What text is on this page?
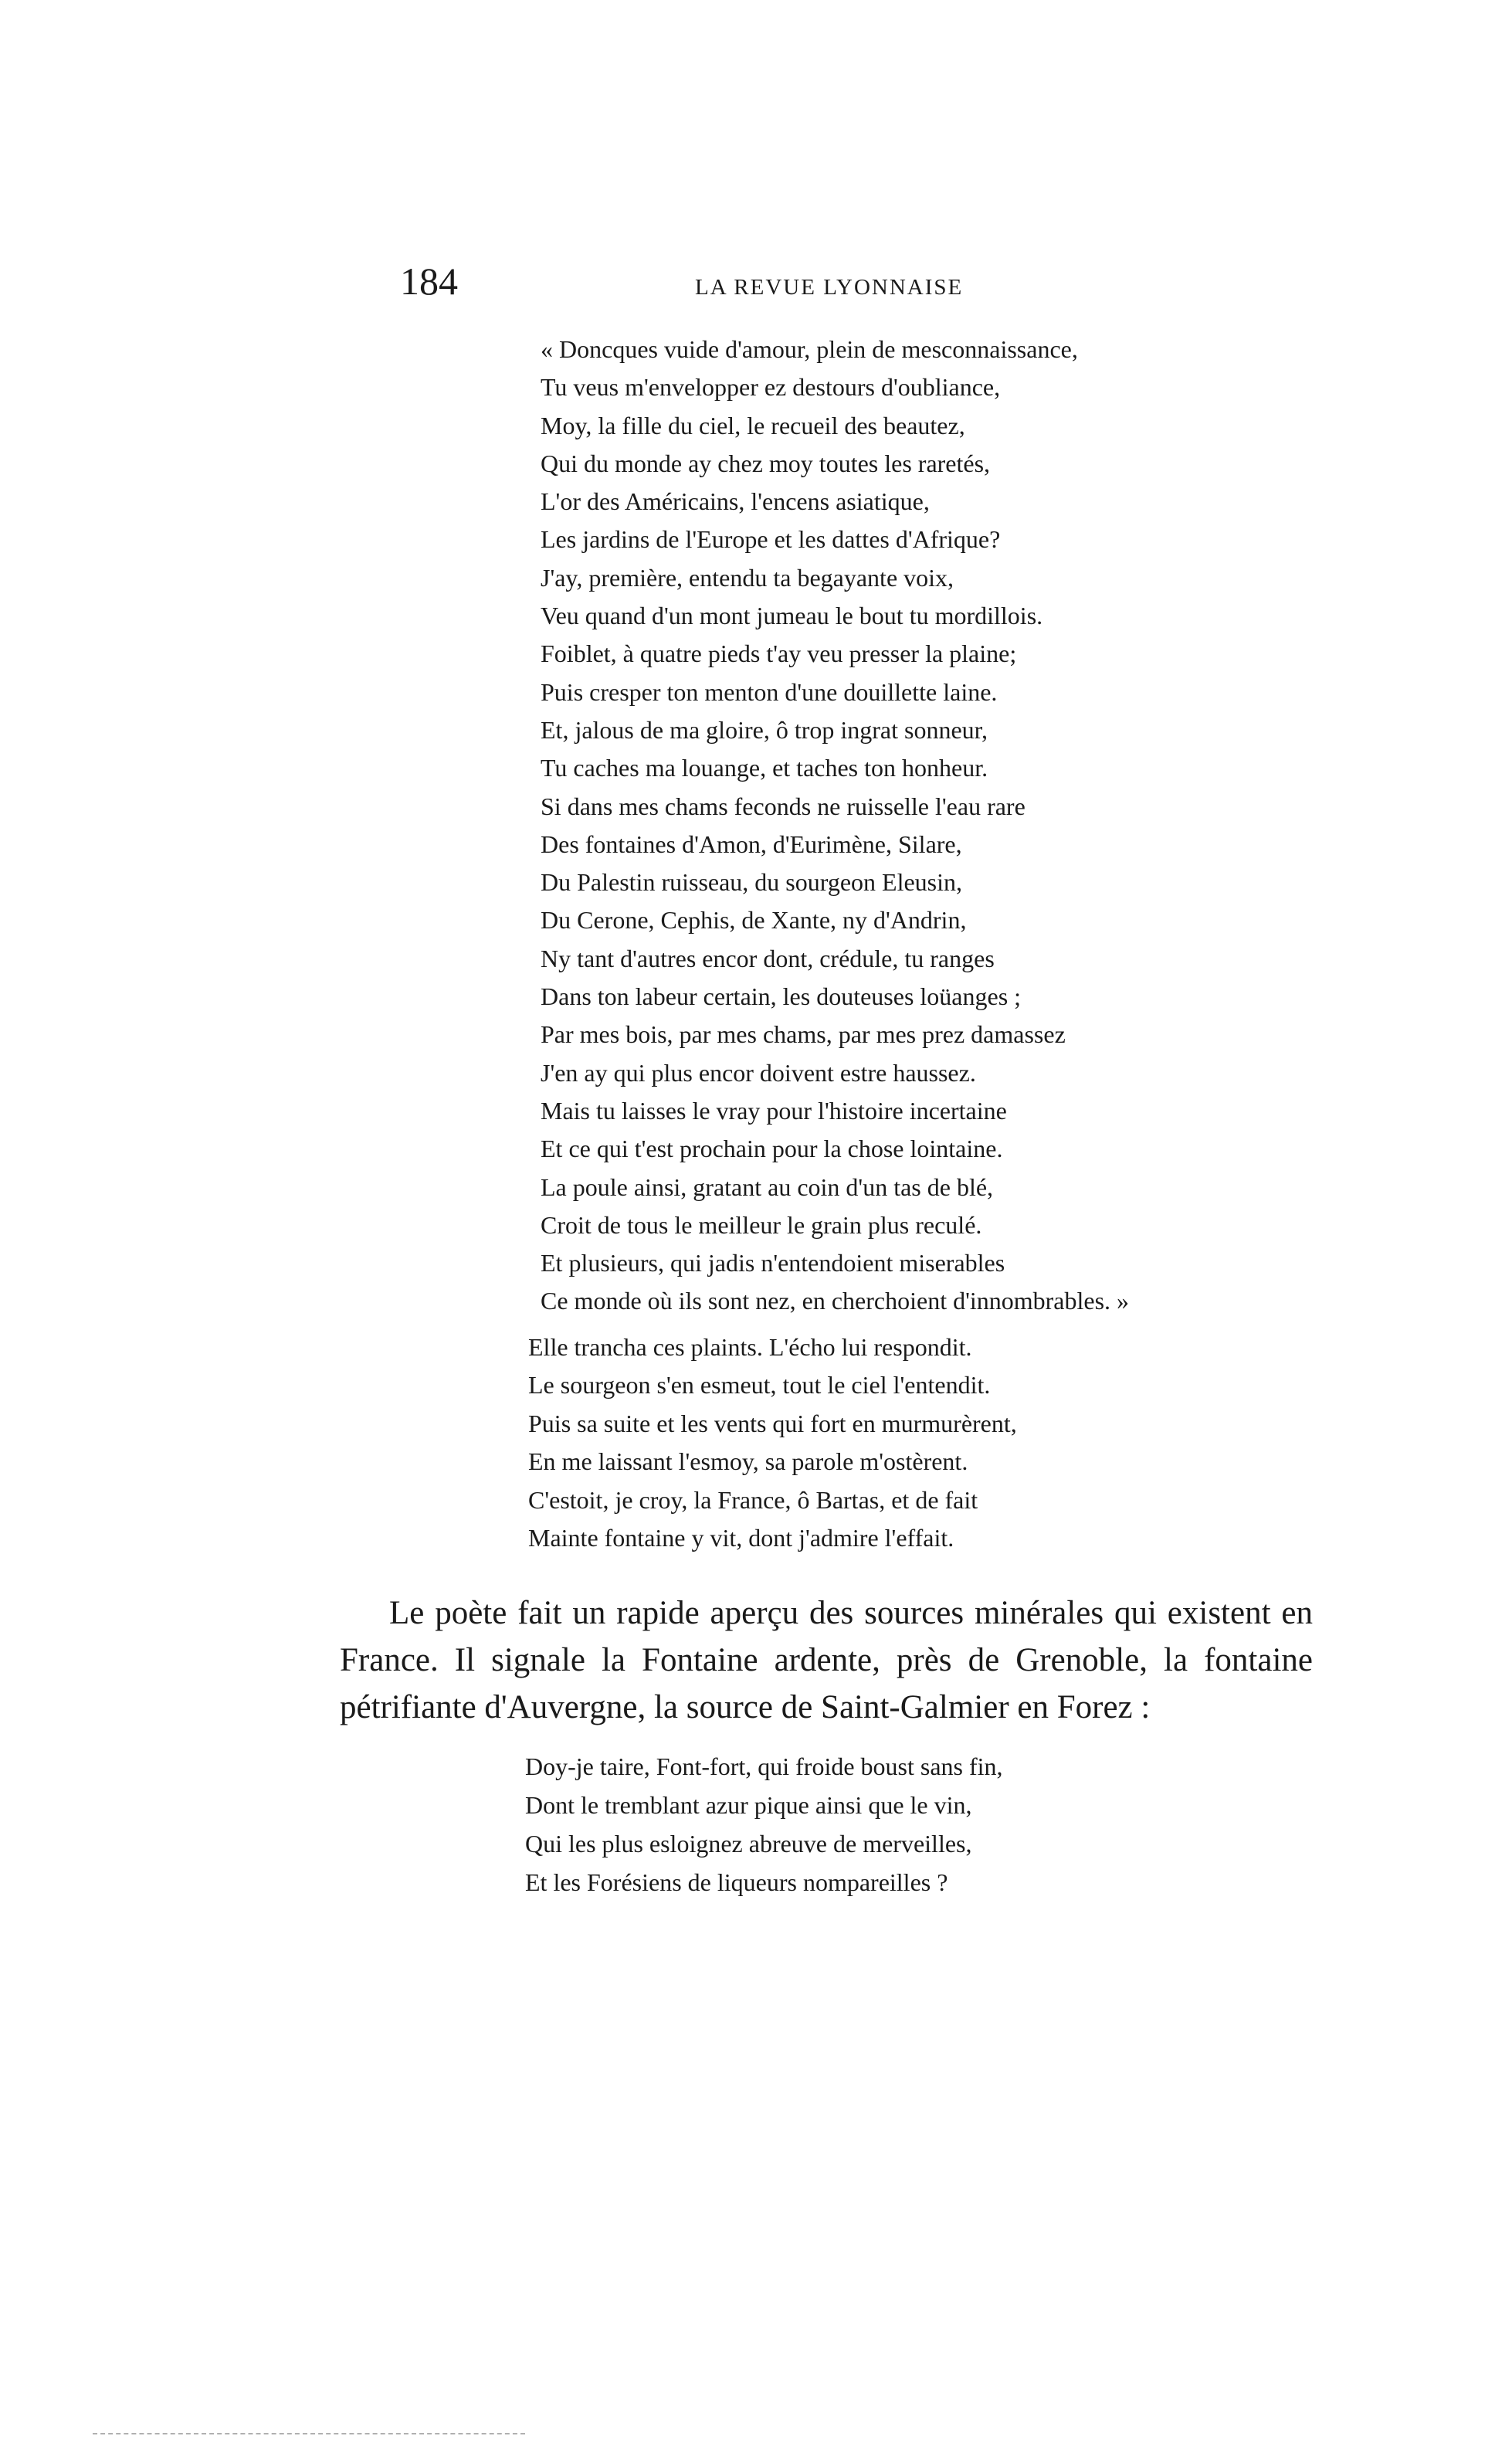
184	LA REVUE LYONNAISE
« Doncques vuide d'amour, plein de mesconnaissance,
Tu veus m'envelopper ez destours d'oubliance,
Moy, la fille du ciel, le recueil des beautez,
Qui du monde ay chez moy toutes les raretés,
L'or des Américains, l'encens asiatique,
Les jardins de l'Europe et les dattes d'Afrique?
J'ay, première, entendu ta begayante voix,
Veu quand d'un mont jumeau le bout tu mordillois.
Foiblet, à quatre pieds t'ay veu presser la plaine;
Puis cresper ton menton d'une douillette laine.
Et, jalous de ma gloire, ô trop ingrat sonneur,
Tu caches ma louange, et taches ton honheur.
Si dans mes chams feconds ne ruisselle l'eau rare
Des fontaines d'Amon, d'Eurimène, Silare,
Du Palestin ruisseau, du sourgeon Eleusin,
Du Cerone, Cephis, de Xante, ny d'Andrin,
Ny tant d'autres encor dont, crédule, tu ranges
Dans ton labeur certain, les douteuses loüanges ;
Par mes bois, par mes chams, par mes prez damassez
J'en ay qui plus encor doivent estre haussez.
Mais tu laisses le vray pour l'histoire incertaine
Et ce qui t'est prochain pour la chose lointaine.
La poule ainsi, gratant au coin d'un tas de blé,
Croit de tous le meilleur le grain plus reculé.
Et plusieurs, qui jadis n'entendoient miserables
Ce monde où ils sont nez, en cherchoient d'innombrables. »
Elle trancha ces plaints. L'écho lui respondit.
Le sourgeon s'en esmeut, tout le ciel l'entendit.
Puis sa suite et les vents qui fort en murmurèrent,
En me laissant l'esmoy, sa parole m'ostèrent.
C'estoit, je croy, la France, ô Bartas, et de fait
Mainte fontaine y vit, dont j'admire l'effait.

Le poète fait un rapide aperçu des sources minérales qui existent en France. Il signale la Fontaine ardente, près de Grenoble, la fontaine pétrifiante d'Auvergne, la source de Saint-Galmier en Forez :

Doy-je taire, Font-fort, qui froide boust sans fin,
Dont le tremblant azur pique ainsi que le vin,
Qui les plus esloignez abreuve de merveilles,
Et les Forésiens de liqueurs nompareilles ?
